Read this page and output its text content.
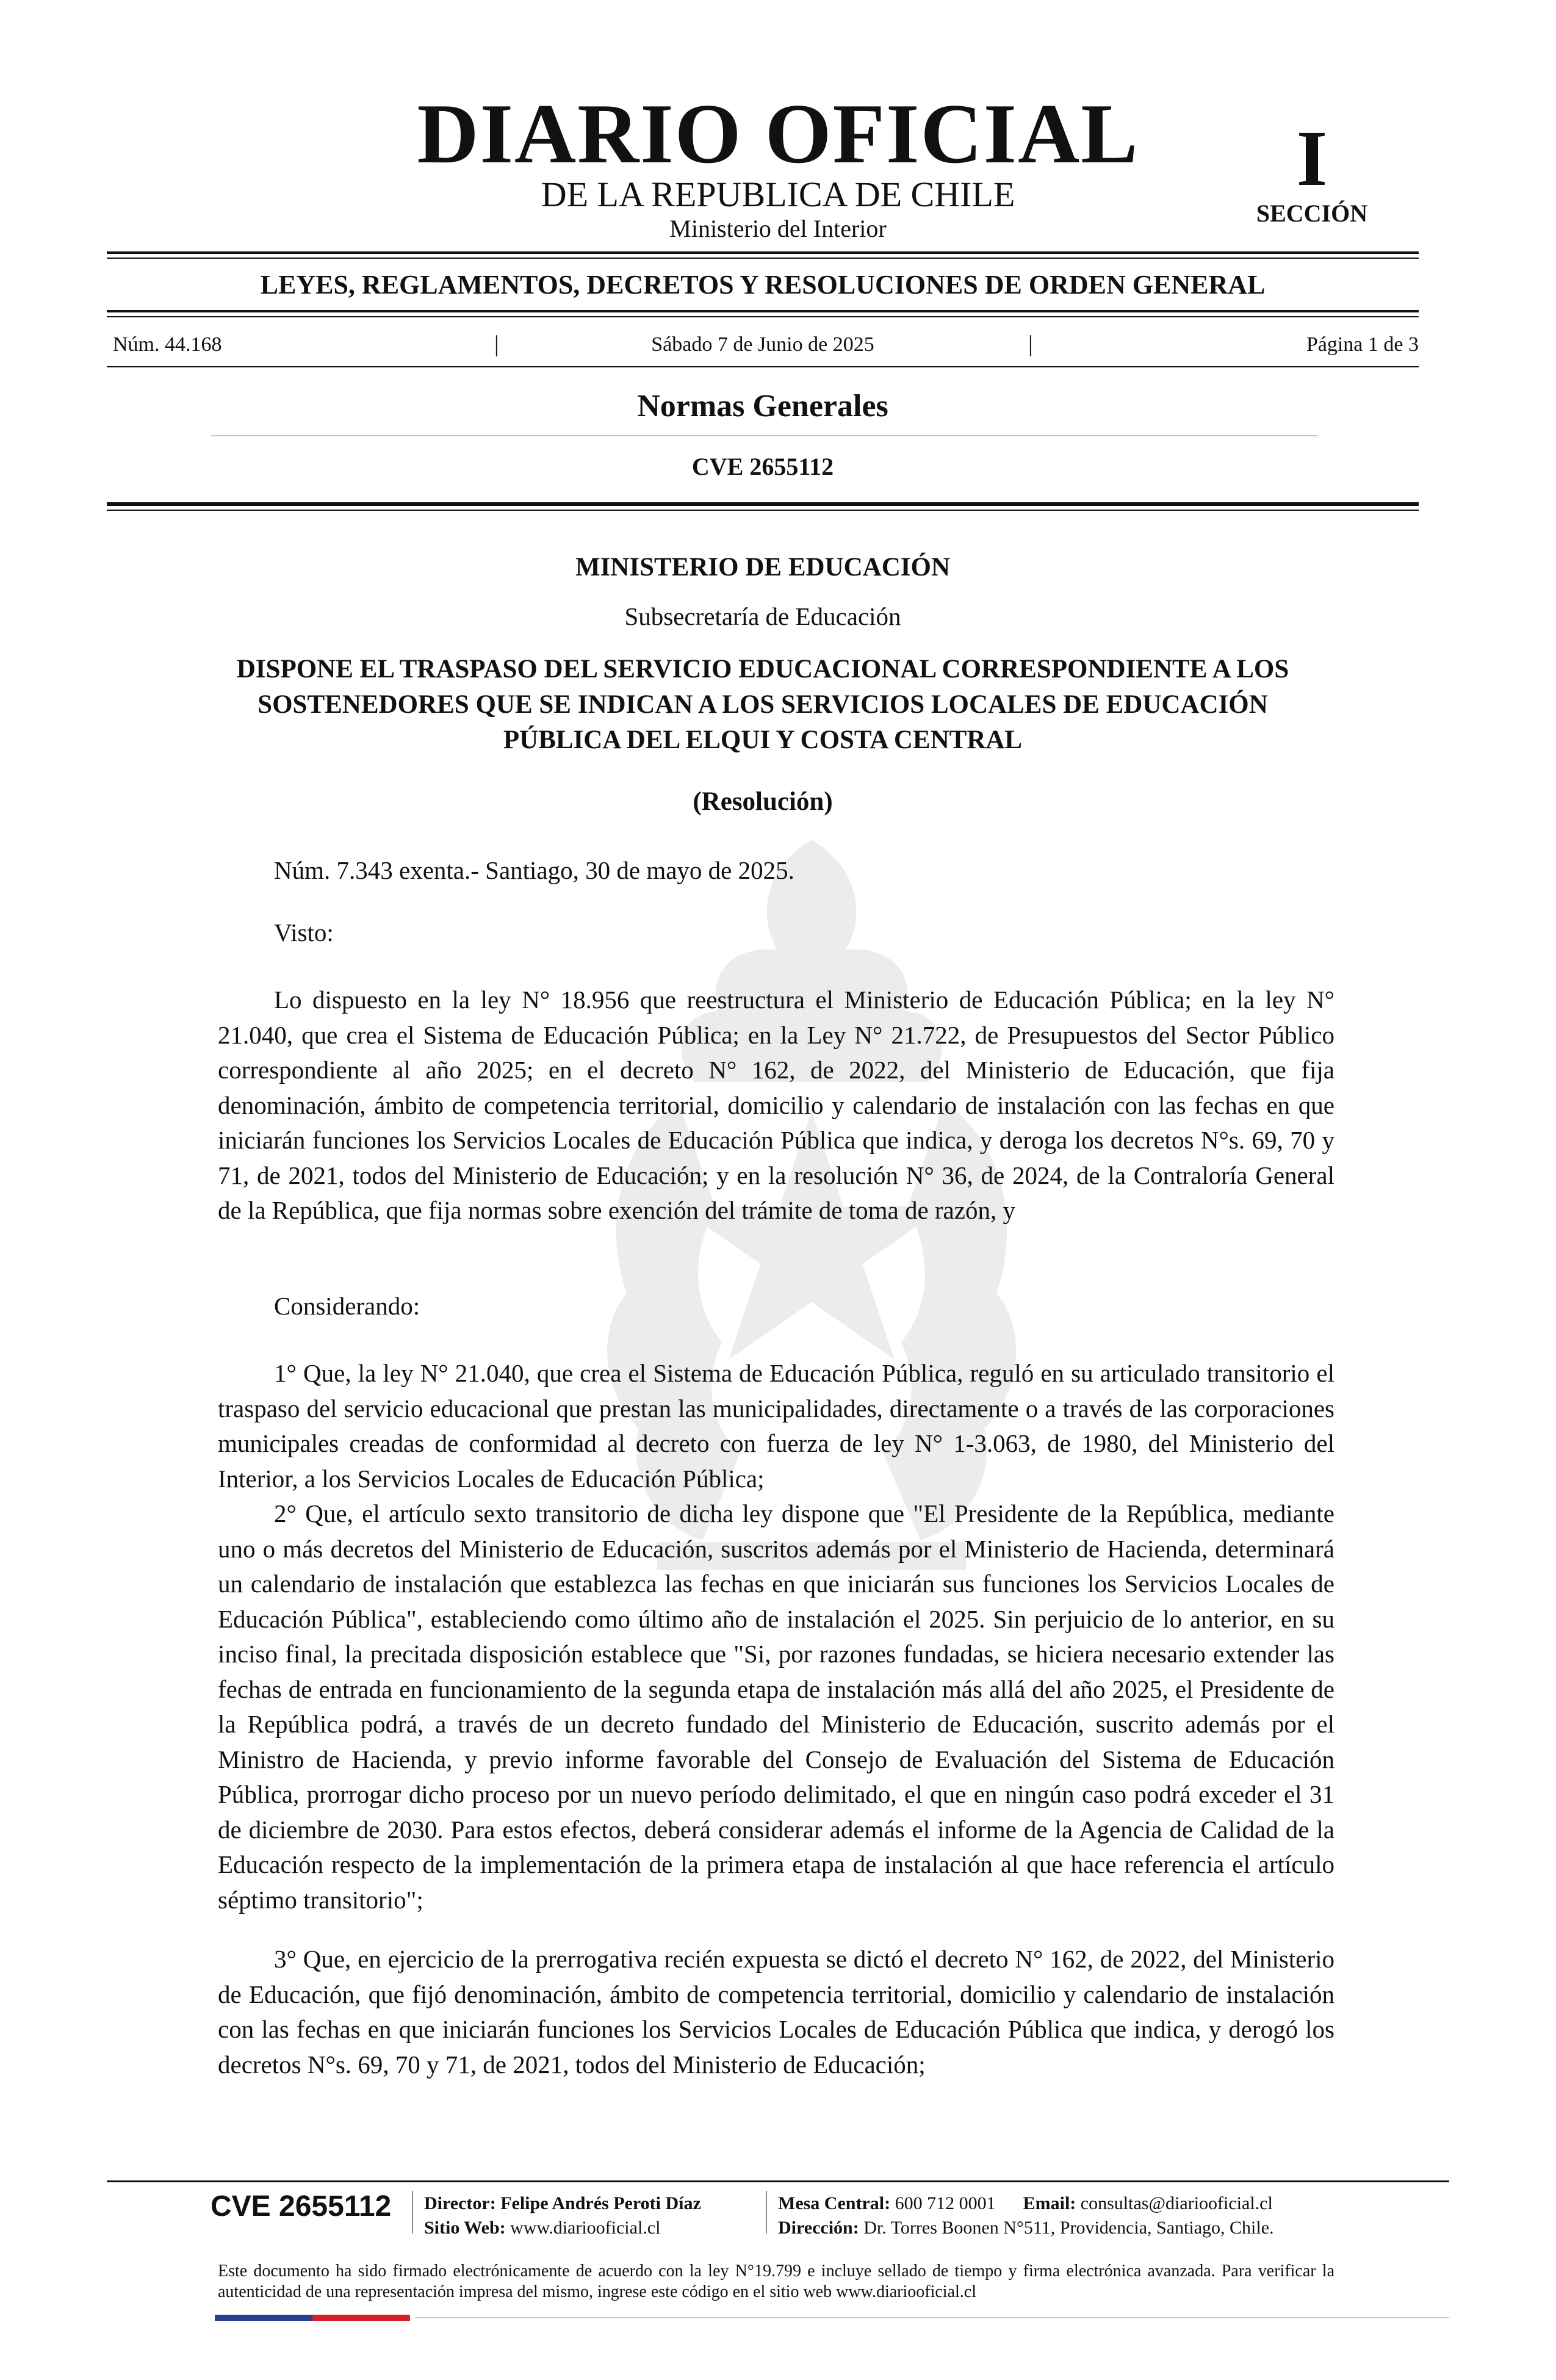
DIARIO OFICIAL
DE LA REPUBLICA DE CHILE
Ministerio del Interior
I
SECCIÓN
LEYES, REGLAMENTOS, DECRETOS Y RESOLUCIONES DE ORDEN GENERAL
Núm. 44.168	|	Sábado 7 de Junio de 2025	|	Página 1 de 3
Normas Generales
CVE 2655112
MINISTERIO DE EDUCACIÓN
Subsecretaría de Educación
DISPONE EL TRASPASO DEL SERVICIO EDUCACIONAL CORRESPONDIENTE A LOS SOSTENEDORES QUE SE INDICAN A LOS SERVICIOS LOCALES DE EDUCACIÓN PÚBLICA DEL ELQUI Y COSTA CENTRAL
(Resolución)

Núm. 7.343 exenta.- Santiago, 30 de mayo de 2025.

Visto:

Lo dispuesto en la ley N° 18.956 que reestructura el Ministerio de Educación Pública; en la ley N° 21.040, que crea el Sistema de Educación Pública; en la Ley N° 21.722, de Presupuestos del Sector Público correspondiente al año 2025; en el decreto N° 162, de 2022, del Ministerio de Educación, que fija denominación, ámbito de competencia territorial, domicilio y calendario de instalación con las fechas en que iniciarán funciones los Servicios Locales de Educación Pública que indica, y deroga los decretos N°s. 69, 70 y 71, de 2021, todos del Ministerio de Educación; y en la resolución N° 36, de 2024, de la Contraloría General de la República, que fija normas sobre exención del trámite de toma de razón, y

Considerando:

1° Que, la ley N° 21.040, que crea el Sistema de Educación Pública, reguló en su articulado transitorio el traspaso del servicio educacional que prestan las municipalidades, directamente o a través de las corporaciones municipales creadas de conformidad al decreto con fuerza de ley N° 1-3.063, de 1980, del Ministerio del Interior, a los Servicios Locales de Educación Pública;

2° Que, el artículo sexto transitorio de dicha ley dispone que "El Presidente de la República, mediante uno o más decretos del Ministerio de Educación, suscritos además por el Ministerio de Hacienda, determinará un calendario de instalación que establezca las fechas en que iniciarán sus funciones los Servicios Locales de Educación Pública", estableciendo como último año de instalación el 2025. Sin perjuicio de lo anterior, en su inciso final, la precitada disposición establece que "Si, por razones fundadas, se hiciera necesario extender las fechas de entrada en funcionamiento de la segunda etapa de instalación más allá del año 2025, el Presidente de la República podrá, a través de un decreto fundado del Ministerio de Educación, suscrito además por el Ministro de Hacienda, y previo informe favorable del Consejo de Evaluación del Sistema de Educación Pública, prorrogar dicho proceso por un nuevo período delimitado, el que en ningún caso podrá exceder el 31 de diciembre de 2030. Para estos efectos, deberá considerar además el informe de la Agencia de Calidad de la Educación respecto de la implementación de la primera etapa de instalación al que hace referencia el artículo séptimo transitorio";

3° Que, en ejercicio de la prerrogativa recién expuesta se dictó el decreto N° 162, de 2022, del Ministerio de Educación, que fijó denominación, ámbito de competencia territorial, domicilio y calendario de instalación con las fechas en que iniciarán funciones los Servicios Locales de Educación Pública que indica, y derogó los decretos N°s. 69, 70 y 71, de 2021, todos del Ministerio de Educación;

CVE 2655112 Director: Felipe Andrés Peroti Díaz
Sitio Web: www.diariooficial.cl
Mesa Central: 600 712 0001 Email: consultas@diariooficial.cl
Dirección: Dr. Torres Boonen N°511, Providencia, Santiago, Chile.

Este documento ha sido firmado electrónicamente de acuerdo con la ley N°19.799 e incluye sellado de tiempo y firma electrónica avanzada. Para verificar la autenticidad de una representación impresa del mismo, ingrese este código en el sitio web www.diariooficial.cl
